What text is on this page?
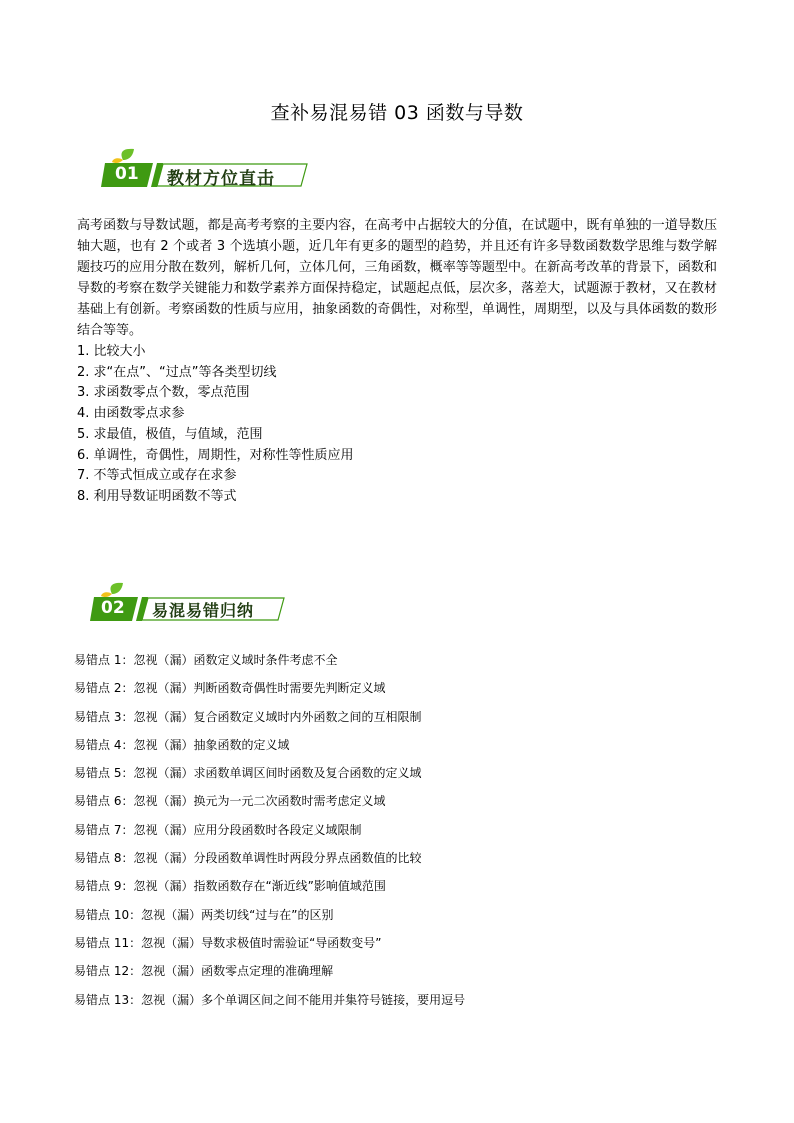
查补易混易错 03 函数与导数
01 教材方位直击
高考函数与导数试题，都是高考考察的主要内容，在高考中占据较大的分值，在试题中，既有单独的一道导数压轴大题，也有 2 个或者 3 个选填小题，近几年有更多的题型的趋势，并且还有许多导数函数数学思维与数学解题技巧的应用分散在数列，解析几何，立体几何，三角函数，概率等等题型中。在新高考改革的背景下，函数和导数的考察在数学关键能力和数学素养方面保持稳定，试题起点低，层次多，落差大，试题源于教材，又在教材基础上有创新。考察函数的性质与应用，抽象函数的奇偶性，对称型，单调性，周期型，以及与具体函数的数形结合等等。
1. 比较大小
2. 求“在点”、“过点”等各类型切线
3. 求函数零点个数，零点范围
4. 由函数零点求参
5. 求最值，极值，与值域，范围
6. 单调性，奇偶性，周期性，对称性等性质应用
7. 不等式恒成立或存在求参
8. 利用导数证明函数不等式
02 易混易错归纳
易错点 1：忽视（漏）函数定义域时条件考虑不全
易错点 2：忽视（漏）判断函数奇偶性时需要先判断定义域
易错点 3：忽视（漏）复合函数定义域时内外函数之间的互相限制
易错点 4：忽视（漏）抽象函数的定义域
易错点 5：忽视（漏）求函数单调区间时函数及复合函数的定义域
易错点 6：忽视（漏）换元为一元二次函数时需考虑定义域
易错点 7：忽视（漏）应用分段函数时各段定义域限制
易错点 8：忽视（漏）分段函数单调性时两段分界点函数值的比较
易错点 9：忽视（漏）指数函数存在“渐近线”影响值域范围
易错点 10：忽视（漏）两类切线“过与在”的区别
易错点 11：忽视（漏）导数求极值时需验证“导函数变号”
易错点 12：忽视（漏）函数零点定理的准确理解
易错点 13：忽视（漏）多个单调区间之间不能用并集符号链接，要用逗号
